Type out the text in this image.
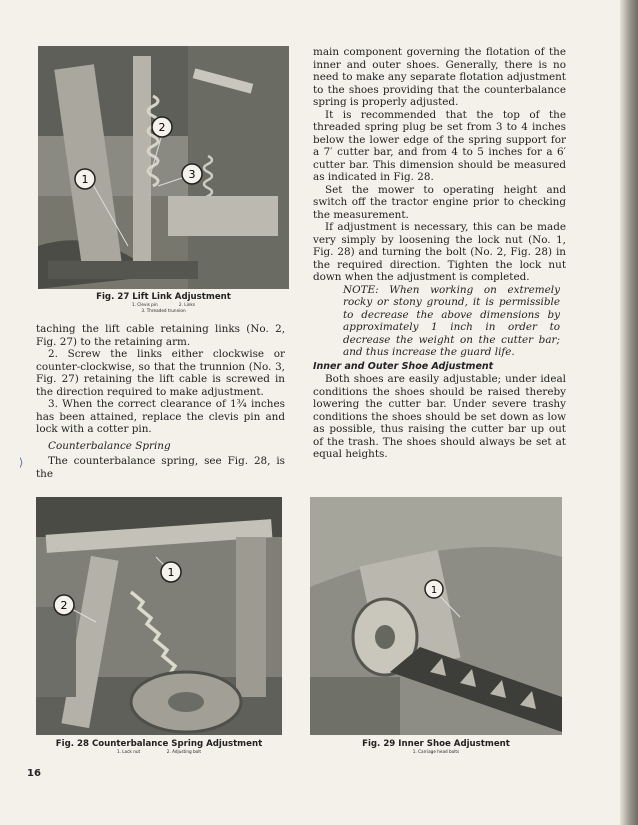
1
2
3
Fig. 27 Lift Link Adjustment
1. Clevis pin	2. Links
3. Threaded trunnion

taching the lift cable retaining links (No. 2, Fig. 27) to the retaining arm.

2. Screw the links either clockwise or counter-clockwise, so that the trunnion (No. 3, Fig. 27) retaining the lift cable is screwed in the direction required to make adjustment.

3. When the correct clearance of 1¾ inches has been attained, replace the clevis pin and lock with a cotter pin.

Counterbalance Spring

The counterbalance spring, see Fig. 28, is the

⟩

main component governing the flotation of the inner and outer shoes. Generally, there is no need to make any separate flotation adjustment to the shoes providing that the counterbalance spring is properly adjusted.

It is recommended that the top of the threaded spring plug be set from 3 to 4 inches below the lower edge of the spring support for a 7′ cutter bar, and from 4 to 5 inches for a 6′ cutter bar. This dimension should be measured as indicated in Fig. 28.

Set the mower to operating height and switch off the tractor engine prior to checking the measurement.

If adjustment is necessary, this can be made very simply by loosening the lock nut (No. 1, Fig. 28) and turning the bolt (No. 2, Fig. 28) in the required direction. Tighten the lock nut down when the adjustment is completed.

NOTE: When working on extremely rocky or stony ground, it is permissible to decrease the above dimensions by approximately 1 inch in order to decrease the weight on the cutter bar; and thus increase the guard life.

Inner and Outer Shoe Adjustment

Both shoes are easily adjustable; under ideal conditions the shoes should be raised thereby lowering the cutter bar. Under severe trashy conditions the shoes should be set down as low as possible, thus raising the cutter bar up out of the trash. The shoes should always be set at equal heights.

1
2
Fig. 28 Counterbalance Spring Adjustment
1. Lock nut	2. Adjusting bolt
1
Fig. 29 Inner Shoe Adjustment
1. Carriage head bolts
16
